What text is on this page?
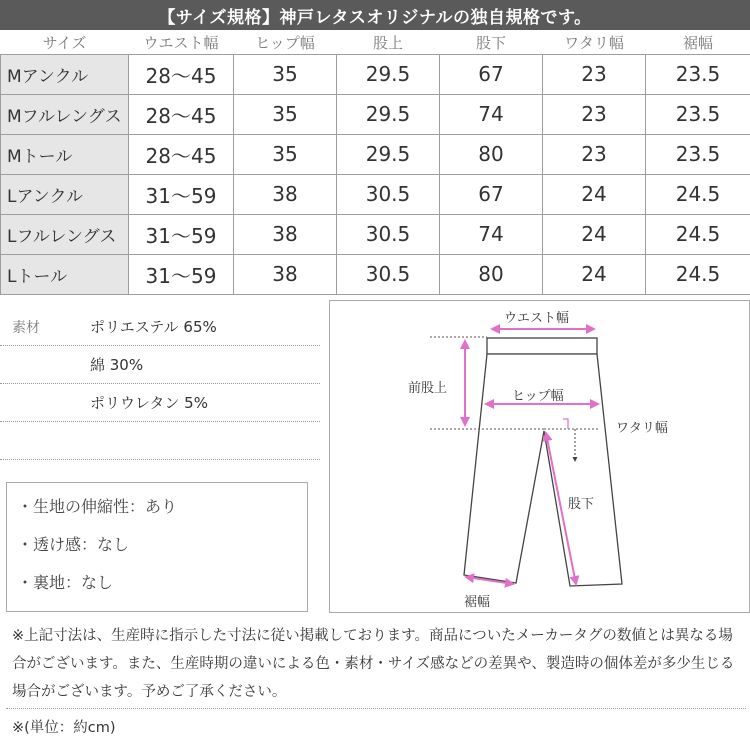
【サイズ規格】神戸レタスオリジナルの独自規格です。
サイズ	ウエスト幅	ヒップ幅	股上	股下	ワタリ幅	裾幅
Mアンクル	28〜45	35	29.5	67	23	23.5
Mフルレングス	28〜45	35	29.5	74	23	23.5
Mトール	28〜45	35	29.5	80	23	23.5
Lアンクル	31〜59	38	30.5	67	24	24.5
Lフルレングス	31〜59	38	30.5	74	24	24.5
Lトール	31〜59	38	30.5	80	24	24.5
素材	ポリエステル 65%
綿 30%
ポリウレタン 5%
・生地の伸縮性：あり
・透け感：なし
・裏地：なし
ウエスト幅
前股上
ヒップ幅
ワタリ幅
股下
裾幅
※上記寸法は、生産時に指示した寸法に従い掲載しております。商品についたメーカータグの数値とは異なる場合がございます。また、生産時期の違いによる色・素材・サイズ感などの差異や、製造時の個体差が多少生じる場合がございます。予めご了承ください。
※(単位：約cm)
